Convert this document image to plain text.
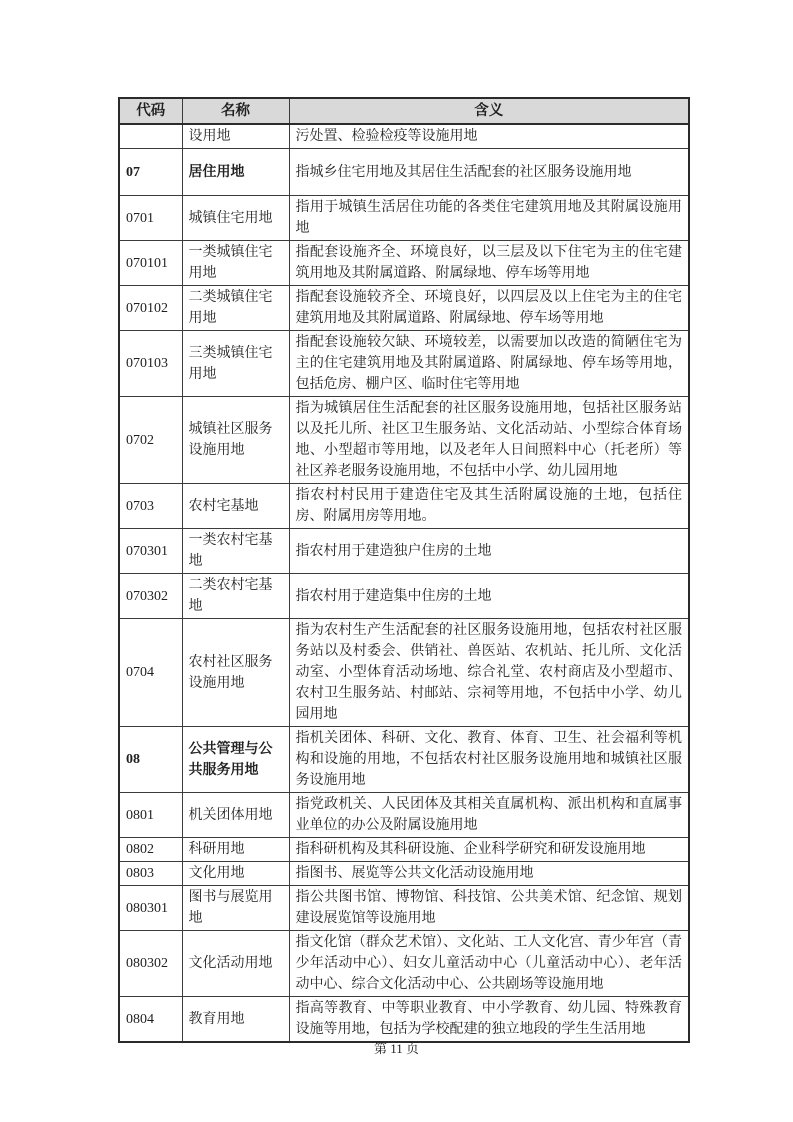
代码	名称	含义
	设用地	污处置、检验检疫等设施用地
07	居住用地	指城乡住宅用地及其居住生活配套的社区服务设施用地
0701	城镇住宅用地	指用于城镇生活居住功能的各类住宅建筑用地及其附属设施用地
070101	一类城镇住宅用地	指配套设施齐全、环境良好，以三层及以下住宅为主的住宅建筑用地及其附属道路、附属绿地、停车场等用地
070102	二类城镇住宅用地	指配套设施较齐全、环境良好，以四层及以上住宅为主的住宅建筑用地及其附属道路、附属绿地、停车场等用地
070103	三类城镇住宅用地	指配套设施较欠缺、环境较差，以需要加以改造的简陋住宅为主的住宅建筑用地及其附属道路、附属绿地、停车场等用地，包括危房、棚户区、临时住宅等用地
0702	城镇社区服务设施用地	指为城镇居住生活配套的社区服务设施用地，包括社区服务站以及托儿所、社区卫生服务站、文化活动站、小型综合体育场地、小型超市等用地，以及老年人日间照料中心（托老所）等社区养老服务设施用地，不包括中小学、幼儿园用地
0703	农村宅基地	指农村村民用于建造住宅及其生活附属设施的土地，包括住房、附属用房等用地。
070301	一类农村宅基地	指农村用于建造独户住房的土地
070302	二类农村宅基地	指农村用于建造集中住房的土地
0704	农村社区服务设施用地	指为农村生产生活配套的社区服务设施用地，包括农村社区服务站以及村委会、供销社、兽医站、农机站、托儿所、文化活动室、小型体育活动场地、综合礼堂、农村商店及小型超市、农村卫生服务站、村邮站、宗祠等用地，不包括中小学、幼儿园用地
08	公共管理与公共服务用地	指机关团体、科研、文化、教育、体育、卫生、社会福利等机构和设施的用地，不包括农村社区服务设施用地和城镇社区服务设施用地
0801	机关团体用地	指党政机关、人民团体及其相关直属机构、派出机构和直属事业单位的办公及附属设施用地
0802	科研用地	指科研机构及其科研设施、企业科学研究和研发设施用地
0803	文化用地	指图书、展览等公共文化活动设施用地
080301	图书与展览用地	指公共图书馆、博物馆、科技馆、公共美术馆、纪念馆、规划建设展览馆等设施用地
080302	文化活动用地	指文化馆（群众艺术馆）、文化站、工人文化宫、青少年宫（青少年活动中心）、妇女儿童活动中心（儿童活动中心）、老年活动中心、综合文化活动中心、公共剧场等设施用地
0804	教育用地	指高等教育、中等职业教育、中小学教育、幼儿园、特殊教育设施等用地，包括为学校配建的独立地段的学生生活用地
第 11 页
